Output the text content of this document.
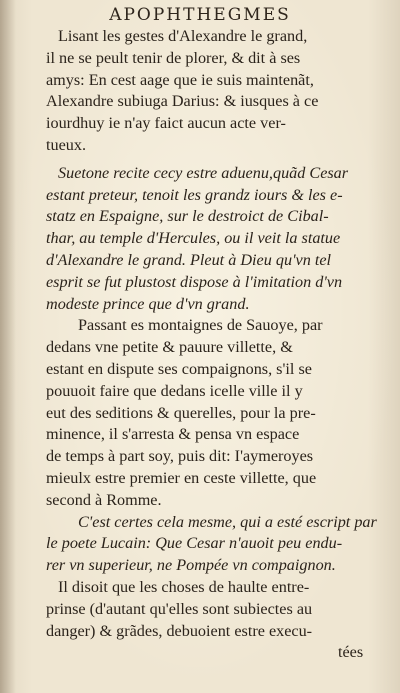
APOPHTHEGMES
Lisant les gestes d'Alexandre le grand,
il ne se peult tenir de plorer, & dit à ses
amys: En cest aage que ie suis maintenãt,
Alexandre subiuga Darius: & iusques à ce
iourdhuy ie n'ay faict aucun acte ver-
tueux.
Suetone recite cecy estre aduenu,quãd Cesar
estant preteur, tenoit les grandz iours & les e-
statz en Espaigne, sur le destroict de Cibal-
thar, au temple d'Hercules, ou il veit la statue
d'Alexandre le grand. Pleut à Dieu qu'vn tel
esprit se fut plustost dispose à l'imitation d'vn
modeste prince que d'vn grand.
Passant es montaignes de Sauoye, par
dedans vne petite & pauure villette, &
estant en dispute ses compaignons, s'il se
pouuoit faire que dedans icelle ville il y
eut des seditions & querelles, pour la pre-
minence, il s'arresta & pensa vn espace
de temps à part soy, puis dit: I'aymeroyes
mieulx estre premier en ceste villette, que
second à Romme.
C'est certes cela mesme, qui a esté escript par
le poete Lucain: Que Cesar n'auoit peu endu-
rer vn superieur, ne Pompée vn compaignon.
Il disoit que les choses de haulte entre-
prinse (d'autant qu'elles sont subiectes au
danger) & grãdes, debuoient estre execu-
tées
